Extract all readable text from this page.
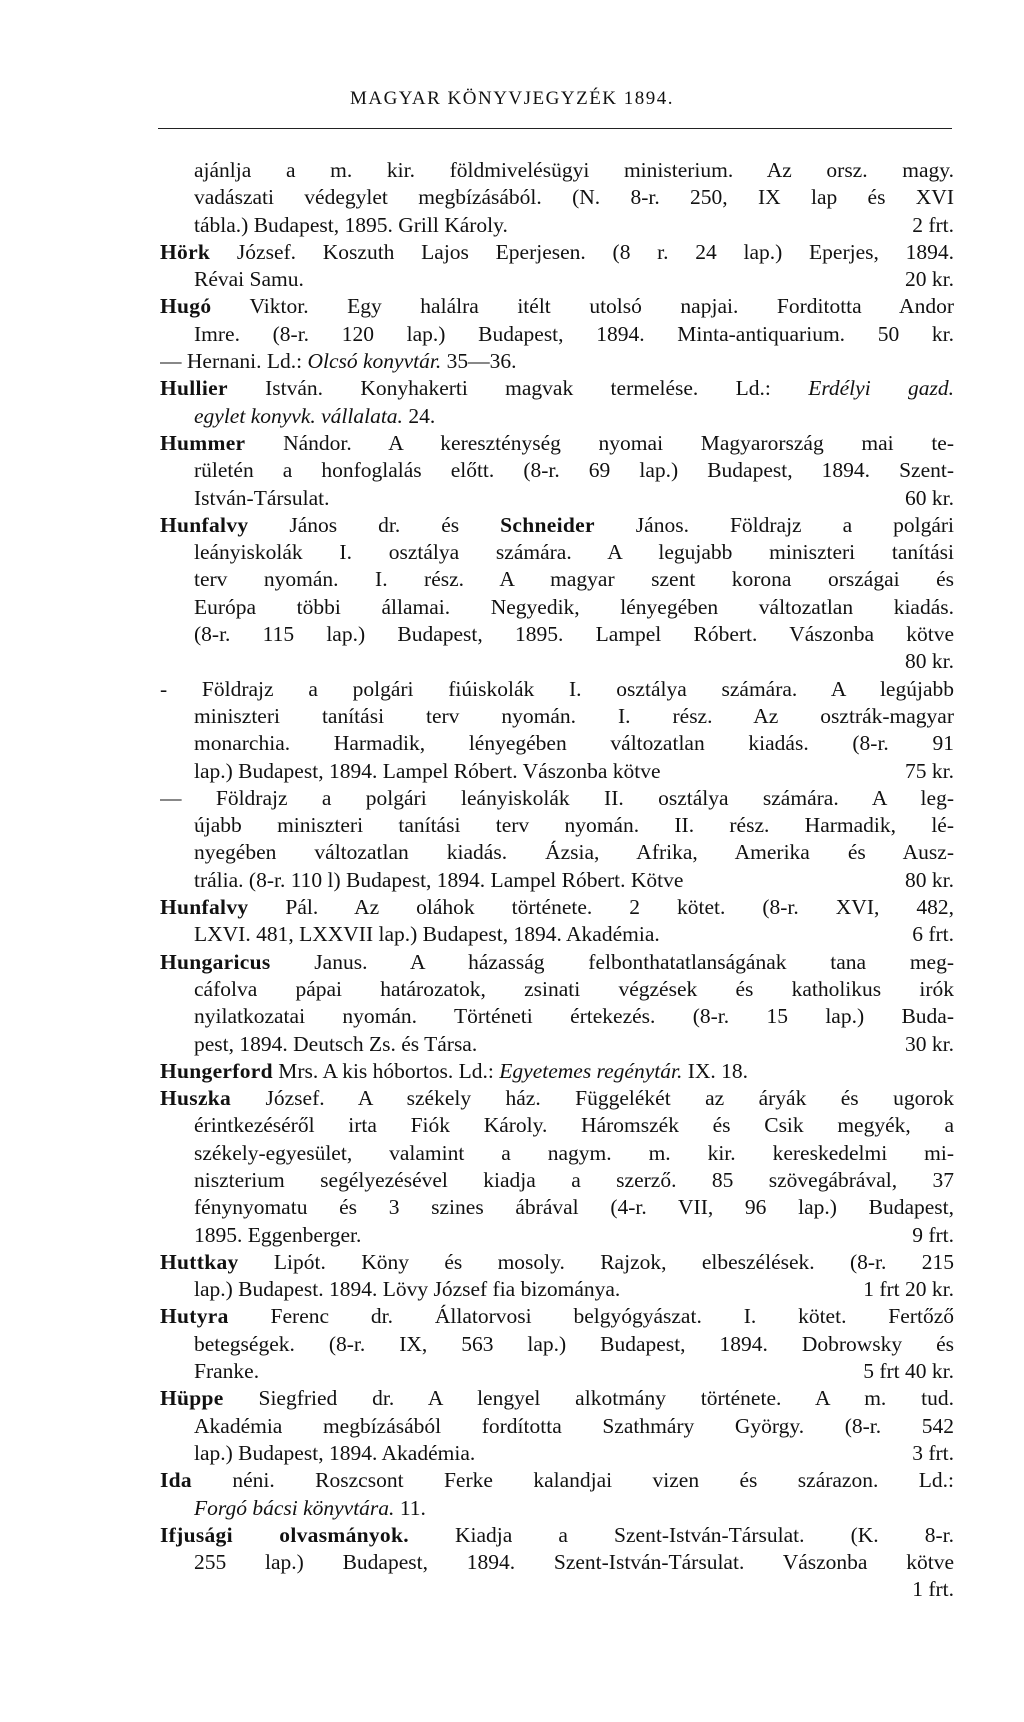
MAGYAR KÖNYVJEGYZÉK 1894.
ajánlja a m. kir. földmivelésügyi ministerium. Az orsz. magy.
vadászati védegylet megbízásából. (N. 8-r. 250, IX lap és XVI
tábla.) Budapest, 1895. Grill Károly.	2 frt.
Hörk József. Koszuth Lajos Eperjesen. (8 r. 24 lap.) Eperjes, 1894.
Révai Samu.	20 kr.
Hugó Viktor. Egy halálra itélt utolsó napjai. Forditotta Andor
Imre. (8-r. 120 lap.) Budapest, 1894. Minta-antiquarium. 50 kr.
— Hernani. Ld.: Olcsó konyvtár. 35—36.
Hullier István. Konyhakerti magvak termelése. Ld.: Erdélyi gazd.
egylet konyvk. vállalata. 24.
Hummer Nándor. A kereszténység nyomai Magyarország mai te-
rületén a honfoglalás előtt. (8-r. 69 lap.) Budapest, 1894. Szent-
István-Társulat.	60 kr.
Hunfalvy János dr. és Schneider János. Földrajz a polgári
leányiskolák I. osztálya számára. A legujabb miniszteri tanítási
terv nyomán. I. rész. A magyar szent korona országai és
Európa többi államai. Negyedik, lényegében változatlan kiadás.
(8-r. 115 lap.) Budapest, 1895. Lampel Róbert. Vászonba kötve
80 kr.
- Földrajz a polgári fiúiskolák I. osztálya számára. A legújabb
miniszteri tanítási terv nyomán. I. rész. Az osztrák-magyar
monarchia. Harmadik, lényegében változatlan kiadás. (8-r. 91
lap.) Budapest, 1894. Lampel Róbert. Vászonba kötve	75 kr.
— Földrajz a polgári leányiskolák II. osztálya számára. A leg-
újabb miniszteri tanítási terv nyomán. II. rész. Harmadik, lé-
nyegében változatlan kiadás. Ázsia, Afrika, Amerika és Ausz-
trália. (8-r. 110 l) Budapest, 1894. Lampel Róbert. Kötve	80 kr.
Hunfalvy Pál. Az oláhok története. 2 kötet. (8-r. XVI, 482,
LXVI. 481, LXXVII lap.) Budapest, 1894. Akadémia.	6 frt.
Hungaricus Janus. A házasság felbonthatatlanságának tana meg-
cáfolva pápai határozatok, zsinati végzések és katholikus irók
nyilatkozatai nyomán. Történeti értekezés. (8-r. 15 lap.) Buda-
pest, 1894. Deutsch Zs. és Társa.	30 kr.
Hungerford Mrs. A kis hóbortos. Ld.: Egyetemes regénytár. IX. 18.
Huszka József. A székely ház. Függelékét az áryák és ugorok
érintkezéséről irta Fiók Károly. Háromszék és Csik megyék, a
székely-egyesület, valamint a nagym. m. kir. kereskedelmi mi-
niszterium segélyezésével kiadja a szerző. 85 szövegábrával, 37
fénynyomatu és 3 szines ábrával (4-r. VII, 96 lap.) Budapest,
1895. Eggenberger.	9 frt.
Huttkay Lipót. Köny és mosoly. Rajzok, elbeszélések. (8-r. 215
lap.) Budapest. 1894. Lövy József fia bizománya.	1 frt 20 kr.
Hutyra Ferenc dr. Állatorvosi belgyógyászat. I. kötet. Fertőző
betegségek. (8-r. IX, 563 lap.) Budapest, 1894. Dobrowsky és
Franke.	5 frt 40 kr.
Hüppe Siegfried dr. A lengyel alkotmány története. A m. tud.
Akadémia megbízásából fordította Szathmáry György. (8-r. 542
lap.) Budapest, 1894. Akadémia.	3 frt.
Ida néni. Roszcsont Ferke kalandjai vizen és szárazon. Ld.:
Forgó bácsi könyvtára. 11.
Ifjusági olvasmányok. Kiadja a Szent-István-Társulat. (K. 8-r.
255 lap.) Budapest, 1894. Szent-István-Társulat. Vászonba kötve
1 frt.
